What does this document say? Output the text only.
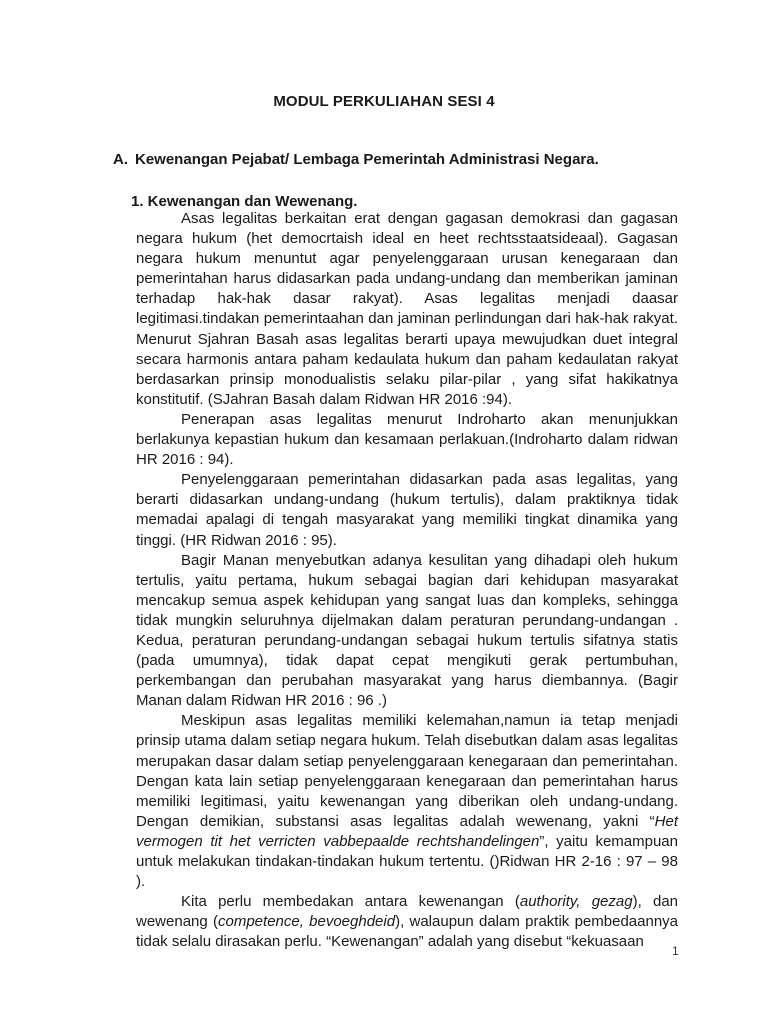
MODUL PERKULIAHAN SESI 4
A. Kewenangan Pejabat/ Lembaga Pemerintah Administrasi Negara.
1. Kewenangan dan Wewenang.

Asas legalitas berkaitan erat dengan gagasan demokrasi dan gagasan negara hukum (het democrtaish ideal en heet rechtsstaatsideaal). Gagasan negara hukum menuntut agar penyelenggaraan urusan kenegaraan dan pemerintahan harus didasarkan pada undang-undang dan memberikan jaminan terhadap hak-hak dasar rakyat). Asas legalitas menjadi daasar legitimasi.tindakan pemerintaahan dan jaminan perlindungan dari hak-hak rakyat. Menurut Sjahran Basah asas legalitas berarti upaya mewujudkan duet integral secara harmonis antara paham kedaulata hukum dan paham kedaulatan rakyat berdasarkan prinsip monodualistis selaku pilar-pilar , yang sifat hakikatnya konstitutif. (SJahran Basah dalam Ridwan HR 2016 :94).

Penerapan asas legalitas menurut Indroharto akan menunjukkan berlakunya kepastian hukum dan kesamaan perlakuan.(Indroharto dalam ridwan HR 2016 : 94).

Penyelenggaraan pemerintahan didasarkan pada asas legalitas, yang berarti didasarkan undang-undang (hukum tertulis), dalam praktiknya tidak memadai apalagi di tengah masyarakat yang memiliki tingkat dinamika yang tinggi. (HR Ridwan 2016 : 95).

Bagir Manan menyebutkan adanya kesulitan yang dihadapi oleh hukum tertulis, yaitu pertama, hukum sebagai bagian dari kehidupan masyarakat mencakup semua aspek kehidupan yang sangat luas dan kompleks, sehingga tidak mungkin seluruhnya dijelmakan dalam peraturan perundang-undangan . Kedua, peraturan perundang-undangan sebagai hukum tertulis sifatnya statis (pada umumnya), tidak dapat cepat mengikuti gerak pertumbuhan, perkembangan dan perubahan masyarakat yang harus diembannya. (Bagir Manan dalam Ridwan HR 2016 : 96 .)

Meskipun asas legalitas memiliki kelemahan,namun ia tetap menjadi prinsip utama dalam setiap negara hukum. Telah disebutkan dalam asas legalitas merupakan dasar dalam setiap penyelenggaraan kenegaraan dan pemerintahan. Dengan kata lain setiap penyelenggaraan kenegaraan dan pemerintahan harus memiliki legitimasi, yaitu kewenangan yang diberikan oleh undang-undang. Dengan demikian, substansi asas legalitas adalah wewenang, yakni “Het vermogen tit het verricten vabbepaalde rechtshandelingen”, yaitu kemampuan untuk melakukan tindakan-tindakan hukum tertentu. ()Ridwan HR 2-16 : 97 – 98 ).

Kita perlu membedakan antara kewenangan (authority, gezag), dan wewenang (competence, bevoeghdeid), walaupun dalam praktik pembedaannya tidak selalu dirasakan perlu. “Kewenangan” adalah yang disebut “kekuasaan

1
